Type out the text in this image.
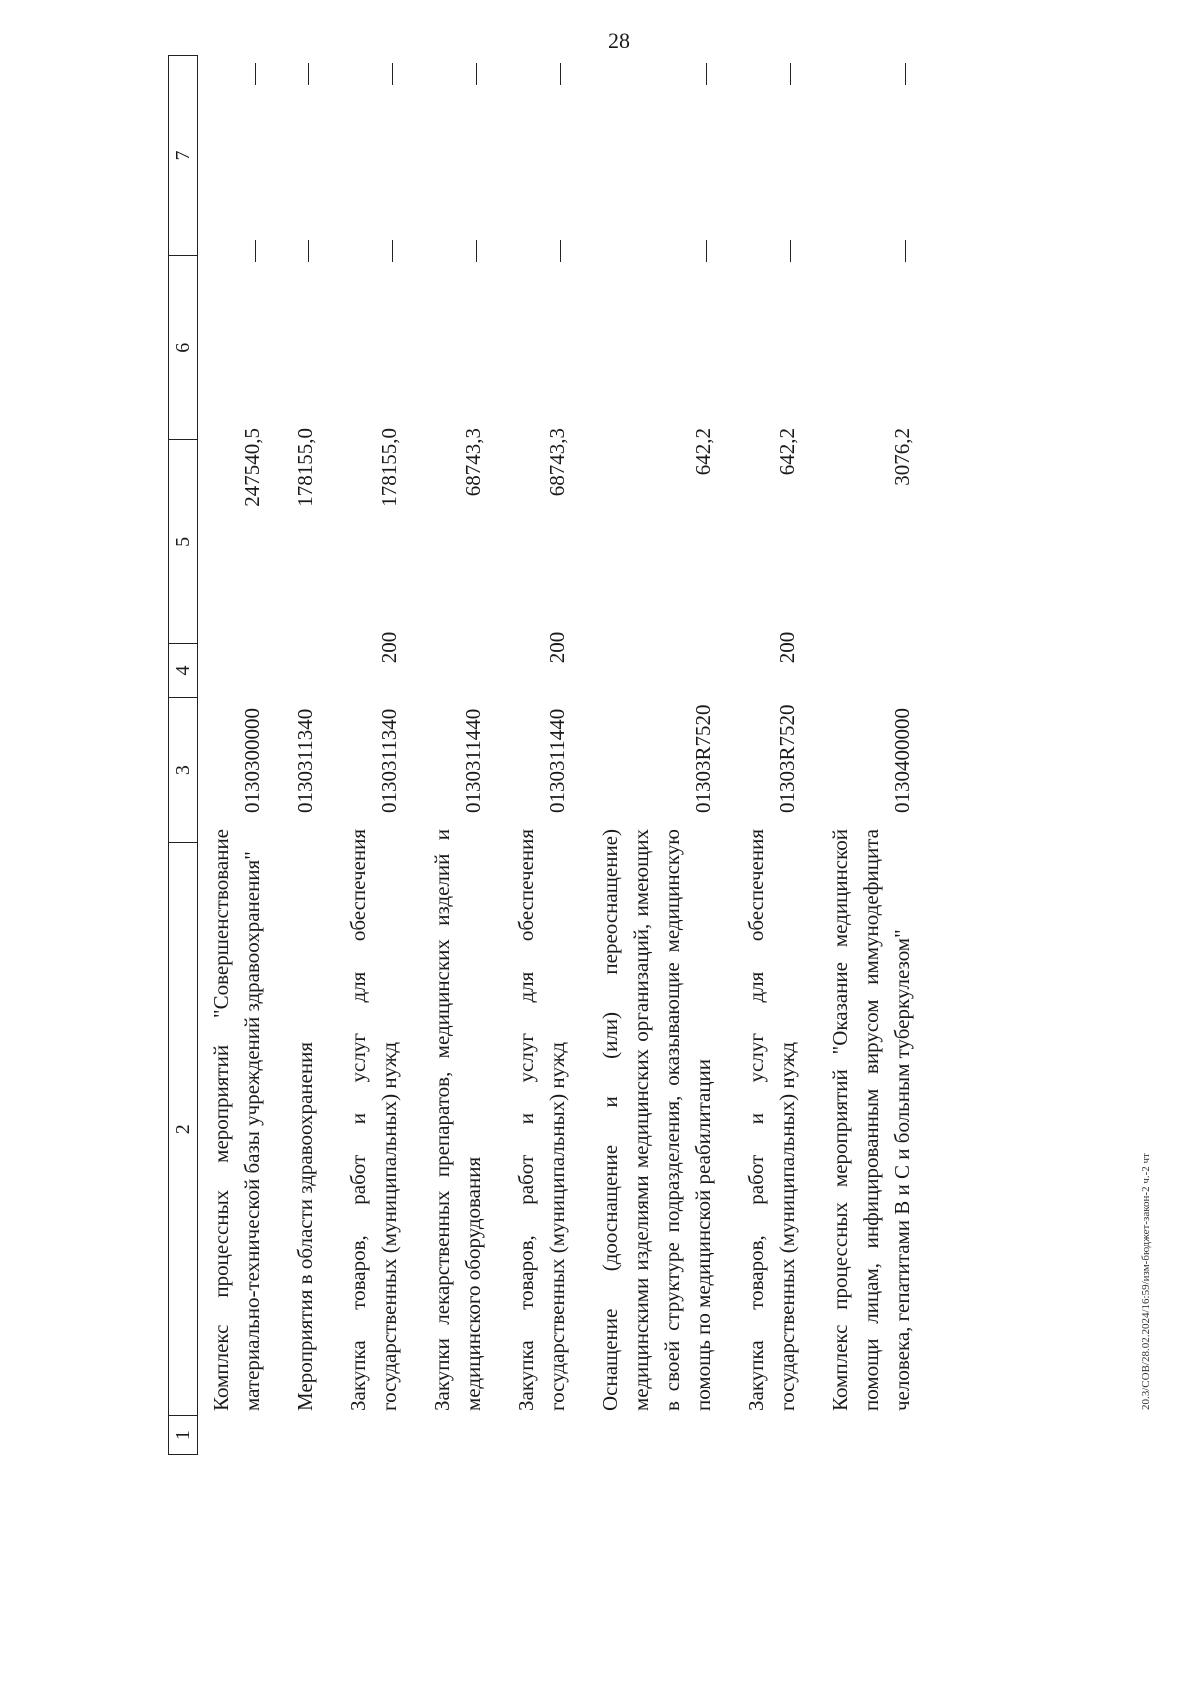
28
20.3/СОВ/28.02.2024/16:59/изм-бюджет-закон-2 ч.-2 чт
1
2
3
4
5
6
7
Комплекс процессных мероприятий "Совершенствование материально-технической базы учреждений здравоохранения"
0130300000
247540,5
Мероприятия в области здравоохранения
0130311340
178155,0
Закупка товаров, работ и услуг для обеспечения государственных (муниципальных) нужд
0130311340
200
178155,0
Закупки лекарственных препаратов, медицинских изделий и медицинского оборудования
0130311440
68743,3
Закупка товаров, работ и услуг для обеспечения государственных (муниципальных) нужд
0130311440
200
68743,3
Оснащение (дооснащение и (или) переоснащение) медицинскими изделиями медицинских организаций, имеющих в своей структуре подразделения, оказывающие медицинскую помощь по медицинской реабилитации
01303R7520
642,2
Закупка товаров, работ и услуг для обеспечения государственных (муниципальных) нужд
01303R7520
200
642,2
Комплекс процессных мероприятий "Оказание медицинской помощи лицам, инфицированным вирусом иммунодефицита человека, гепатитами B и C и больным туберкулезом"
0130400000
3076,2
